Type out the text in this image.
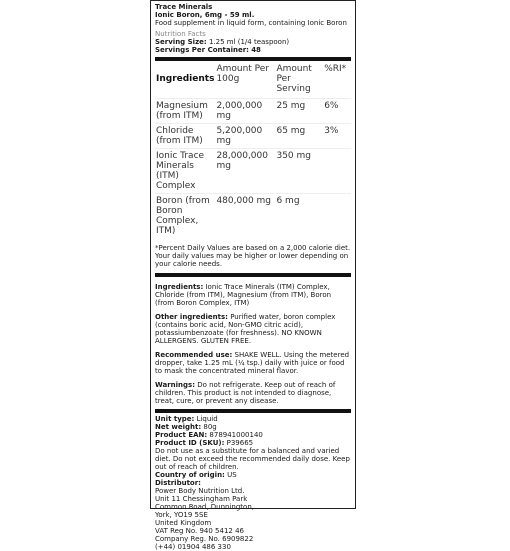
Trace Minerals
Ionic Boron, 6mg - 59 ml.
Food supplement in liquid form, containing Ionic Boron
Nutrition Facts
Serving Size: 1.25 ml (1/4 teaspoon)
Servings Per Container: 48
Ingredients	Amount Per 100g	Amount Per Serving	%RI*
Magnesium (from ITM)	2,000,000 mg	25 mg	6%
Chloride (from ITM)	5,200,000 mg	65 mg	3%
Ionic Trace Minerals (ITM) Complex	28,000,000 mg	350 mg	
Boron (from Boron Complex, ITM)	480,000 mg	6 mg	
*Percent Daily Values are based on a 2,000 calorie diet. Your daily values may be higher or lower depending on your calorie needs.
Ingredients: Ionic Trace Minerals (ITM) Complex, Chloride (from ITM), Magnesium (from ITM), Boron (from Boron Complex, ITM)
Other ingredients: Purified water, boron complex (contains boric acid, Non-GMO citric acid), potassiumbenzoate (for freshness). NO KNOWN ALLERGENS. GLUTEN FREE.
Recommended use: SHAKE WELL. Using the metered dropper, take 1.25 mL (¼ tsp.) daily with juice or food to mask the concentrated mineral flavor.
Warnings: Do not refrigerate. Keep out of reach of children. This product is not intended to diagnose, treat, cure, or prevent any disease.
Unit type: Liquid
Net weight: 80g
Product EAN: 878941000140
Product ID (SKU): P39665
Do not use as a substitute for a balanced and varied diet. Do not exceed the recommended daily dose. Keep out of reach of children.
Country of origin: US
Distributor:
Power Body Nutrition Ltd.
Unit 11 Chessingham Park
Common Road, Dunnington,
York, YO19 5SE
United Kingdom
VAT Reg No. 940 5412 46
Company Reg. No. 6909822
(+44) 01904 486 330
